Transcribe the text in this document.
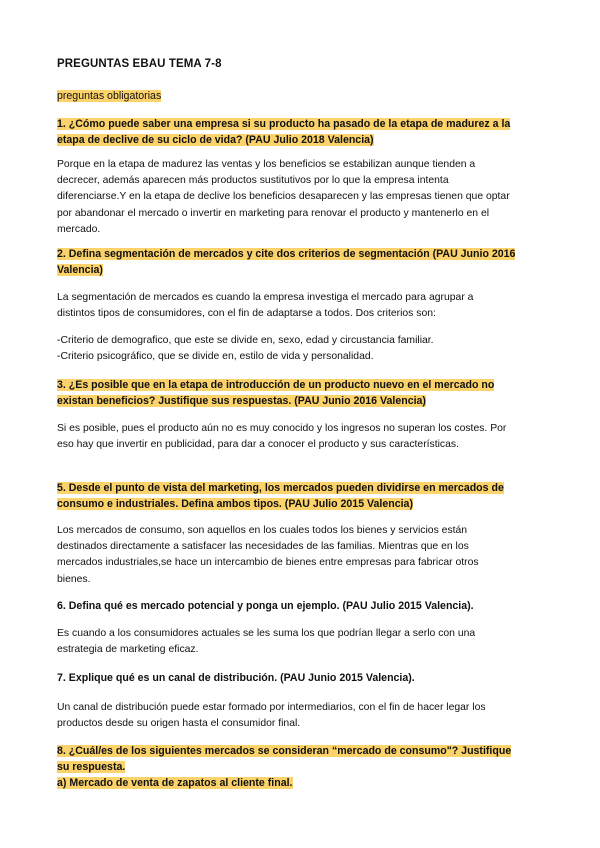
PREGUNTAS EBAU TEMA 7-8
preguntas obligatorias
1. ¿Cómo puede saber una empresa si su producto ha pasado de la etapa de madurez a la
etapa de declive de su ciclo de vida? (PAU Julio 2018 Valencia)
Porque en la etapa de madurez las ventas y los beneficios se estabilizan aunque tienden a
decrecer, además aparecen más productos sustitutivos por lo que la empresa intenta
diferenciarse.Y en la etapa de declive los beneficios desaparecen y las empresas tienen que optar
por abandonar el mercado o invertir en marketing para renovar el producto y mantenerlo en el
mercado.
2. Defina segmentación de mercados y cite dos criterios de segmentación (PAU Junio 2016
Valencia)
La segmentación de mercados es cuando la empresa investiga el mercado para agrupar a
distintos tipos de consumidores, con el fin de adaptarse a todos. Dos criterios son:
-Criterio de demografico, que este se divide en, sexo, edad y circustancia familiar.
-Criterio psicográfico, que se divide en, estilo de vida y personalidad.
3. ¿Es posible que en la etapa de introducción de un producto nuevo en el mercado no
existan beneficios? Justifique sus respuestas. (PAU Junio 2016 Valencia)
Si es posible, pues el producto aún no es muy conocido y los ingresos no superan los costes. Por
eso hay que invertir en publicidad, para dar a conocer el producto y sus características.
5. Desde el punto de vista del marketing, los mercados pueden dividirse en mercados de
consumo e industriales. Defina ambos tipos. (PAU Julio 2015 Valencia)
Los mercados de consumo, son aquellos en los cuales todos los bienes y servicios están
destinados directamente a satisfacer las necesidades de las familias. Mientras que en los
mercados industriales,se hace un intercambio de bienes entre empresas para fabricar otros
bienes.
6. Defina qué es mercado potencial y ponga un ejemplo. (PAU Julio 2015 Valencia).
Es cuando a los consumidores actuales se les suma los que podrían llegar a serlo con una
estrategia de marketing eficaz.
7. Explique qué es un canal de distribución. (PAU Junio 2015 Valencia).
Un canal de distribución puede estar formado por intermediarios, con el fin de hacer legar los
productos desde su origen hasta el consumidor final.
8. ¿Cuál/es de los siguientes mercados se consideran “mercado de consumo"? Justifique
su respuesta.
a) Mercado de venta de zapatos al cliente final.
